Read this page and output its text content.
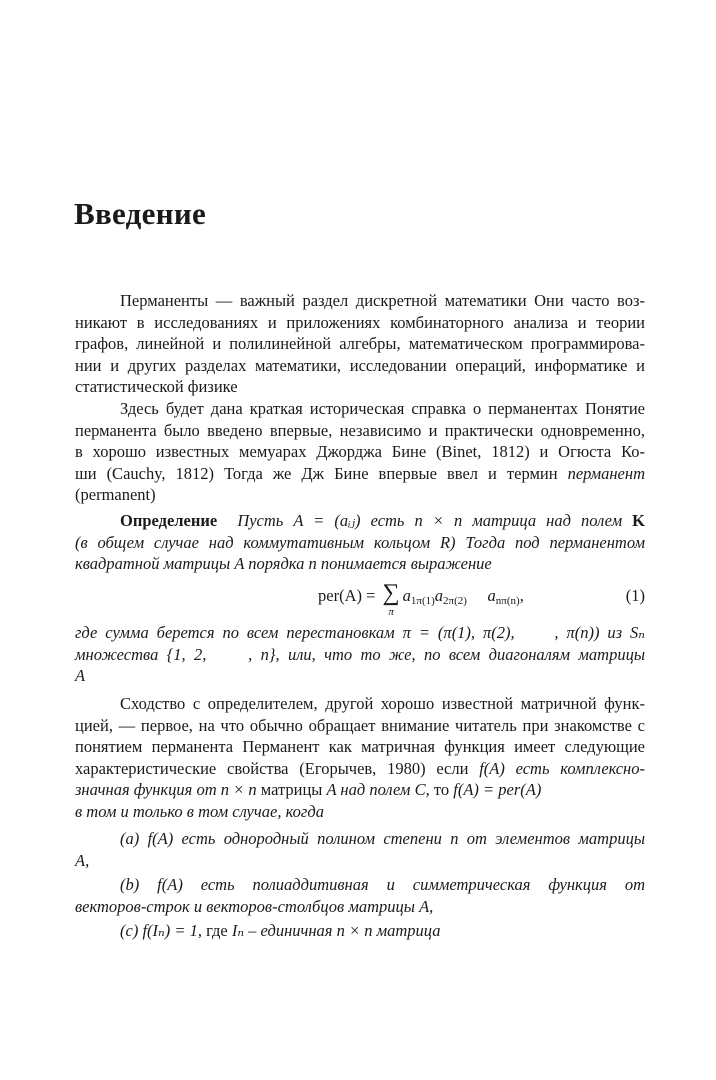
Введение
Перманенты — важный раздел дискретной математики Они часто воз-
никают в исследованиях и приложениях комбинаторного анализа и теории
графов, линейной и полилинейной алгебры, математическом программирова-
нии и других разделах математики, исследовании операций, информатике и
статистической физике
Здесь будет дана краткая историческая справка о перманентах Понятие
перманента было введено впервые, независимо и практически одновременно,
в хорошо известных мемуарах Джорджа Бине (Binet, 1812) и Огюста Ко-
ши (Cauchy, 1812) Тогда же Дж Бине впервые ввел и термин перманент
(permanent)
Определение Пусть A = (aᵢⱼ) есть n × n матрица над полем K
(в общем случае над коммутативным кольцом R) Тогда под перманентом
квадратной матрицы A порядка n понимается выражение
per(A) = ∑
π
$a_{1\pi(1)}a_{2\pi(2)}$ $a_{n\pi(n)}$,	(1)
где сумма берется по всем перестановкам π = (π(1), π(2),     , π(n)) из Sₙ
множества {1, 2,     , n}, или, что то же, по всем диагоналям матрицы
A
Сходство с определителем, другой хорошо известной матричной функ-
цией, — первое, на что обычно обращает внимание читатель при знакомстве с
понятием перманента Перманент как матричная функция имеет следующие
характеристические свойства (Егорычев, 1980) если f(A) есть комплексно-
значная функция от n × n матрицы A над полем C, то f(A) = per(A)
в том и только в том случае, когда
(a) f(A) есть однородный полином степени n от элементов матрицы
A,
(b) f(A) есть полиаддитивная и симметрическая функция от
векторов-строк и векторов-столбцов матрицы A,
(c) f(Iₙ) = 1, где Iₙ – единичная n × n матрица
